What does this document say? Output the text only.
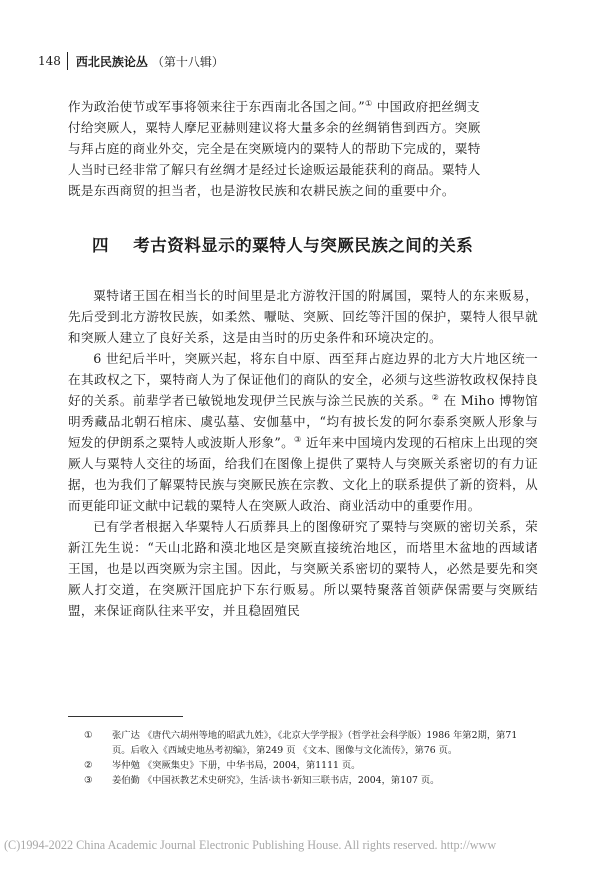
148 西北民族论丛 （第十八辑）

作为政治使节或军事将领来往于东西南北各国之间。”① 中国政府把丝绸支

付给突厥人，粟特人摩尼亚赫则建议将大量多余的丝绸销售到西方。突厥

与拜占庭的商业外交，完全是在突厥境内的粟特人的帮助下完成的，粟特

人当时已经非常了解只有丝绸才是经过长途贩运最能获利的商品。粟特人

既是东西商贸的担当者，也是游牧民族和农耕民族之间的重要中介。

四 考古资料显示的粟特人与突厥民族之间的关系

粟特诸王国在相当长的时间里是北方游牧汗国的附属国，粟特人的东来贩易，先后受到北方游牧民族，如柔然、嚈哒、突厥、回纥等汗国的保护，粟特人很早就和突厥人建立了良好关系，这是由当时的历史条件和环境决定的。

6 世纪后半叶，突厥兴起，将东自中原、西至拜占庭边界的北方大片地区统一在其政权之下，粟特商人为了保证他们的商队的安全，必须与这些游牧政权保持良好的关系。前辈学者已敏锐地发现伊兰民族与涂兰民族的关系。② 在 Miho 博物馆明秀藏品北朝石棺床、虞弘墓、安伽墓中，“均有披长发的阿尔泰系突厥人形象与短发的伊朗系之粟特人或波斯人形象”。③ 近年来中国境内发现的石棺床上出现的突厥人与粟特人交往的场面，给我们在图像上提供了粟特人与突厥关系密切的有力证据，也为我们了解粟特民族与突厥民族在宗教、文化上的联系提供了新的资料，从而更能印证文献中记载的粟特人在突厥人政治、商业活动中的重要作用。

已有学者根据入华粟特人石质葬具上的图像研究了粟特与突厥的密切关系，荣新江先生说：“天山北路和漠北地区是突厥直接统治地区，而塔里木盆地的西域诸王国，也是以西突厥为宗主国。因此，与突厥关系密切的粟特人，必然是要先和突厥人打交道，在突厥汗国庇护下东行贩易。所以粟特聚落首领萨保需要与突厥结盟，来保证商队往来平安，并且稳固殖民

①	张广达 《唐代六胡州等地的昭武九姓》，《北京大学学报》（哲学社会科学版）1986 年第2期，第71 页。后收入《西域史地丛考初编》，第249 页 《文本、图像与文化流传》，第76 页。

②	岑仲勉 《突厥集史》下册，中华书局，2004，第1111 页。

③	姜伯勤 《中国祆教艺术史研究》，生活·读书·新知三联书店，2004，第107 页。

(C)1994-2022 China Academic Journal Electronic Publishing House. All rights reserved. http://www
